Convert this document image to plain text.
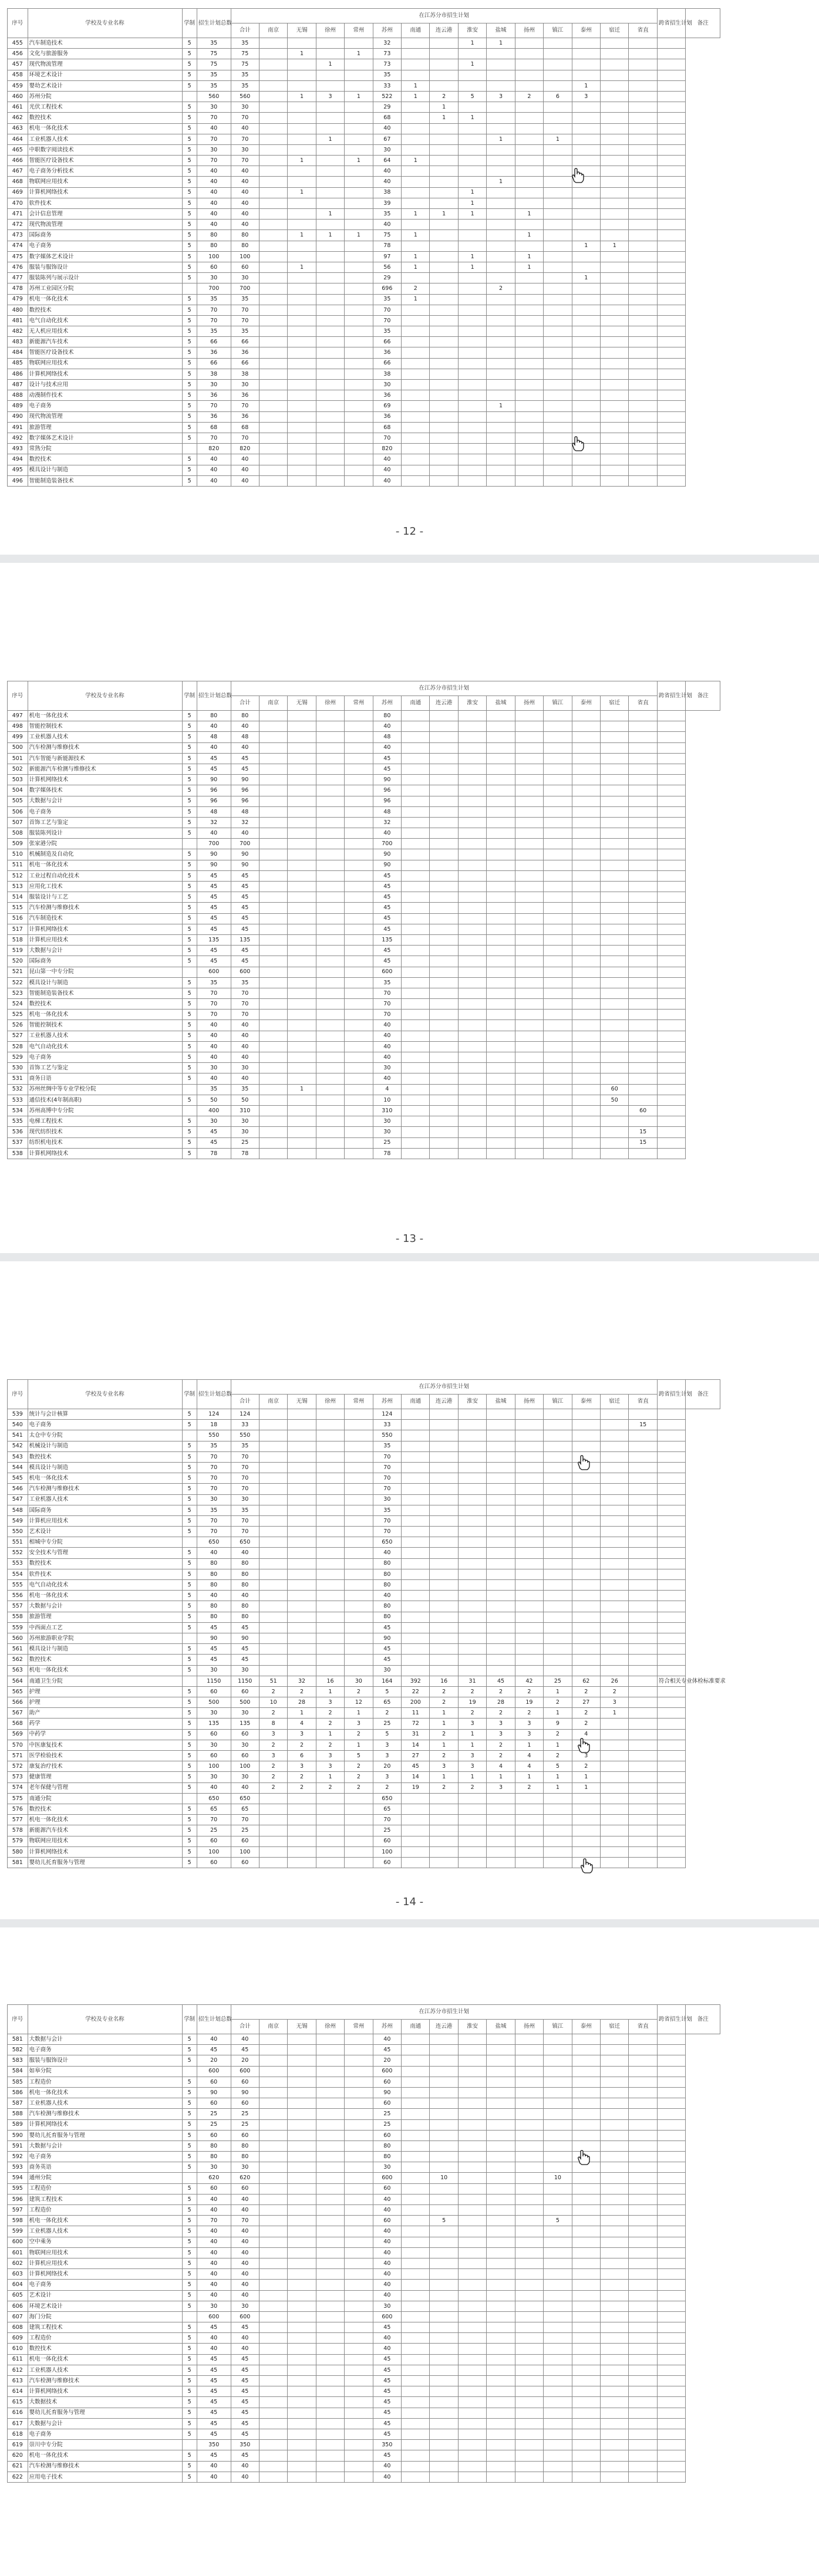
序号	学校及专业名称	学制	招生计划总数	在江苏分市招生计划															跨省招生计划	备注
				合计	南京	无锡	徐州	常州	苏州	南通	连云港	淮安	盐城	扬州	镇江	泰州	宿迁	省直		
455	汽车制造技术	5	35	35					32			1	1							
456	文化与旅游服务	5	75	75		1		1	73											
457	现代物流管理	5	75	75			1		73			1								
458	环境艺术设计	5	35	35					35											
459	婴幼艺术设计	5	35	35					33	1						1				
460	苏州分院		560	560		1	3	1	522	1	2	5	3	2	6	3				
461	光伏工程技术	5	30	30					29		1									
462	数控技术	5	70	70					68		1	1								
463	机电一体化技术	5	40	40					40											
464	工业机器人技术	5	70	70			1		67				1		1					
465	中职数字阅读技术	5	30	30					30											
466	智能医疗设备技术	5	70	70		1		1	64	1										
467	电子商务分析技术	5	40	40					40											
468	物联网应用技术	5	40	40					40				1							
469	计算机网络技术	5	40	40		1			38			1								
470	软件技术	5	40	40					39			1								
471	会计信息管理	5	40	40			1		35	1	1	1		1						
472	现代物流管理	5	40	40					40											
473	国际商务	5	80	80		1	1	1	75	1				1						
474	电子商务	5	80	80					78							1	1			
475	数字媒体艺术设计	5	100	100					97	1		1		1						
476	服装与服饰设计	5	60	60		1			56	1		1		1						
477	服装陈列与展示设计	5	30	30					29							1				
478	苏州工业园区分院		700	700					696	2			2							
479	机电一体化技术	5	35	35					35	1										
480	数控技术	5	70	70					70											
481	电气自动化技术	5	70	70					70											
482	无人机应用技术	5	35	35					35											
483	新能源汽车技术	5	66	66					66											
484	智能医疗设备技术	5	36	36					36											
485	物联网应用技术	5	66	66					66											
486	计算机网络技术	5	38	38					38											
487	设计与技术应用	5	30	30					30											
488	动漫制作技术	5	36	36					36											
489	电子商务	5	70	70					69				1							
490	现代物流管理	5	36	36					36											
491	旅游管理	5	68	68					68											
492	数字媒体艺术设计	5	70	70					70											
493	常熟分院		820	820					820											
494	数控技术	5	40	40					40											
495	模具设计与制造	5	40	40					40											
496	智能制造装备技术	5	40	40					40											
- 12 -
序号	学校及专业名称	学制	招生计划总数	在江苏分市招生计划															跨省招生计划	备注
				合计	南京	无锡	徐州	常州	苏州	南通	连云港	淮安	盐城	扬州	镇江	泰州	宿迁	省直		
497	机电一体化技术	5	80	80					80											
498	智能控制技术	5	40	40					40											
499	工业机器人技术	5	48	48					48											
500	汽车检测与维修技术	5	40	40					40											
501	汽车智能与新能源技术	5	45	45					45											
502	新能源汽车检测与维修技术	5	45	45					45											
503	计算机网络技术	5	90	90					90											
504	数字媒体技术	5	96	96					96											
505	大数据与会计	5	96	96					96											
506	电子商务	5	48	48					48											
507	首饰工艺与鉴定	5	32	32					32											
508	服装陈列设计	5	40	40					40											
509	张家港分院		700	700					700											
510	机械制造及自动化	5	90	90					90											
511	机电一体化技术	5	90	90					90											
512	工业过程自动化技术	5	45	45					45											
513	应用化工技术	5	45	45					45											
514	服装设计与工艺	5	45	45					45											
515	汽车检测与维修技术	5	45	45					45											
516	汽车制造技术	5	45	45					45											
517	计算机网络技术	5	45	45					45											
518	计算机应用技术	5	135	135					135											
519	大数据与会计	5	45	45					45											
520	国际商务	5	45	45					45											
521	昆山第一中专分院		600	600					600											
522	模具设计与制造	5	35	35					35											
523	智能制造装备技术	5	70	70					70											
524	数控技术	5	70	70					70											
525	机电一体化技术	5	70	70					70											
526	智能控制技术	5	40	40					40											
527	工业机器人技术	5	40	40					40											
528	电气自动化技术	5	40	40					40											
529	电子商务	5	40	40					40											
530	首饰工艺与鉴定	5	30	30					30											
531	商务日语	5	40	40					40											
532	苏州丝绸中等专业学校分院		35	35		1			4								60			
533	通信技术(4年制高职)	5	50	50					10								50			
534	苏州高博中专分院		400	310					310									60		
535	电梯工程技术	5	30	30					30											
536	现代纺织技术	5	45	30					30									15		
537	纺织机电技术	5	45	25					25									15		
538	计算机网络技术	5	78	78					78											
- 13 -
序号	学校及专业名称	学制	招生计划总数	在江苏分市招生计划															跨省招生计划	备注
				合计	南京	无锡	徐州	常州	苏州	南通	连云港	淮安	盐城	扬州	镇江	泰州	宿迁	省直		
539	统计与会计核算	5	124	124					124											
540	电子商务	5	18	33					33									15		
541	太仓中专分院		550	550					550											
542	机械设计与制造	5	35	35					35											
543	数控技术	5	70	70					70											
544	模具设计与制造	5	70	70					70											
545	机电一体化技术	5	70	70					70											
546	汽车检测与维修技术	5	70	70					70											
547	工业机器人技术	5	30	30					30											
548	国际商务	5	35	35					35											
549	计算机应用技术	5	70	70					70											
550	艺术设计	5	70	70					70											
551	相城中专分院		650	650					650											
552	安全技术与管理	5	40	40					40											
553	数控技术	5	80	80					80											
554	软件技术	5	80	80					80											
555	电气自动化技术	5	80	80					80											
556	机电一体化技术	5	40	40					40											
557	大数据与会计	5	80	80					80											
558	旅游管理	5	80	80					80											
559	中西面点工艺	5	45	45					45											
560	苏州旅游职业学院		90	90					90											
561	模具设计与制造	5	45	45					45											
562	数控技术	5	45	45					45											
563	机电一体化技术	5	30	30					30											
564	南通卫生分院		1150	1150	51	32	16	30	164	392	16	31	45	42	25	62	26		符合相关专业体检标准要求	
565	护理	5	60	60	2	2	1	2	5	22	2	2	2	2	1	2	2			
566	护理	5	500	500	10	28	3	12	65	200	2	19	28	19	2	27	3			
567	助产	5	30	30	2	1	2	1	2	11	1	2	2	2	1	2	1			
568	药学	5	135	135	8	4	2	3	25	72	1	3	3	3	9	2				
569	中药学	5	60	60	3	3	1	2	5	31	2	1	3	3	2	4				
570	中医康复技术	5	30	30	2	2	2	1	3	14	1	1	2	1	1				
571	医学检验技术	5	60	60	3	6	3	5	3	27	2	3	2	4	2	3				
572	康复治疗技术	5	100	100	2	3	3	2	20	45	3	3	4	4	5	2				
573	健康管理	5	30	30	2	2	1	2	3	14	1	1	1	1	1	1				
574	老年保健与管理	5	40	40	2	2	2	2	2	19	2	2	3	2	1	1				
575	南通分院		650	650					650											
576	数控技术	5	65	65					65											
577	机电一体化技术	5	70	70					70											
578	新能源汽车技术	5	25	25					25											
579	物联网应用技术	5	60	60					60											
580	计算机网络技术	5	100	100					100											
581	婴幼儿托育服务与管理	5	60	60					60											
- 14 -
序号	学校及专业名称	学制	招生计划总数	在江苏分市招生计划															跨省招生计划	备注
				合计	南京	无锡	徐州	常州	苏州	南通	连云港	淮安	盐城	扬州	镇江	泰州	宿迁	省直		
581	大数据与会计	5	40	40					40											
582	电子商务	5	45	45					45											
583	服装与服饰设计	5	20	20					20											
584	如皋分院		600	600					600											
585	工程造价	5	60	60					60											
586	机电一体化技术	5	90	90					90											
587	工业机器人技术	5	60	60					60											
588	汽车检测与维修技术	5	25	25					25											
589	计算机网络技术	5	25	25					25											
590	婴幼儿托育服务与管理	5	60	60					60											
591	大数据与会计	5	80	80					80											
592	电子商务	5	80	80					80											
593	商务英语	5	30	30					30											
594	通州分院		620	620					600		10				10					
595	工程造价	5	60	60					60											
596	建筑工程技术	5	40	40					40											
597	工程造价	5	40	40					40											
598	机电一体化技术	5	70	70					60		5				5					
599	工业机器人技术	5	40	40					40											
600	空中乘务	5	40	40					40											
601	物联网应用技术	5	40	40					40											
602	计算机应用技术	5	40	40					40											
603	计算机网络技术	5	40	40					40											
604	电子商务	5	40	40					40											
605	艺术设计	5	40	40					40											
606	环境艺术设计	5	30	30					30											
607	海门分院		600	600					600											
608	建筑工程技术	5	45	45					45											
609	工程造价	5	40	40					40											
610	数控技术	5	40	40					40											
611	机电一体化技术	5	45	45					45											
612	工业机器人技术	5	45	45					45											
613	汽车检测与维修技术	5	45	45					45											
614	计算机网络技术	5	45	45					45											
615	大数据技术	5	45	45					45											
616	婴幼儿托育服务与管理	5	45	45					45											
617	大数据与会计	5	45	45					45											
618	电子商务	5	45	45					45											
619	崇川中专分院		350	350					350											
620	机电一体化技术	5	45	45					45											
621	汽车检测与维修技术	5	40	40					40											
622	应用电子技术	5	40	40					40											
